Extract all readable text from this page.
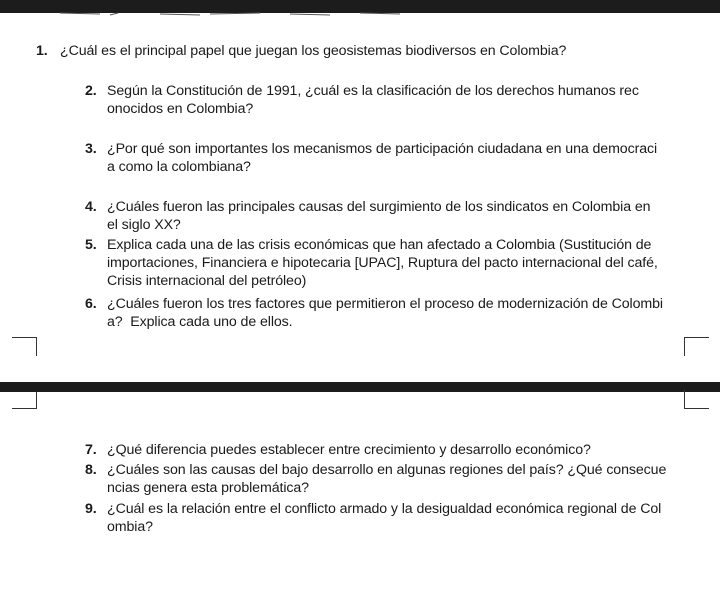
1. ¿Cuál es el principal papel que juegan los geosistemas biodiversos en Colombia?
2. Según la Constitución de 1991, ¿cuál es la clasificación de los derechos humanos rec
onocidos en Colombia?
3. ¿Por qué son importantes los mecanismos de participación ciudadana en una democraci
a como la colombiana?
4. ¿Cuáles fueron las principales causas del surgimiento de los sindicatos en Colombia en
el siglo XX?
5. Explica cada una de las crisis económicas que han afectado a Colombia (Sustitución de
importaciones, Financiera e hipotecaria [UPAC], Ruptura del pacto internacional del café,
Crisis internacional del petróleo)
6. ¿Cuáles fueron los tres factores que permitieron el proceso de modernización de Colombi
a?  Explica cada uno de ellos.
7. ¿Qué diferencia puedes establecer entre crecimiento y desarrollo económico?
8. ¿Cuáles son las causas del bajo desarrollo en algunas regiones del país? ¿Qué consecue
ncias genera esta problemática?
9. ¿Cuál es la relación entre el conflicto armado y la desigualdad económica regional de Col
ombia?
